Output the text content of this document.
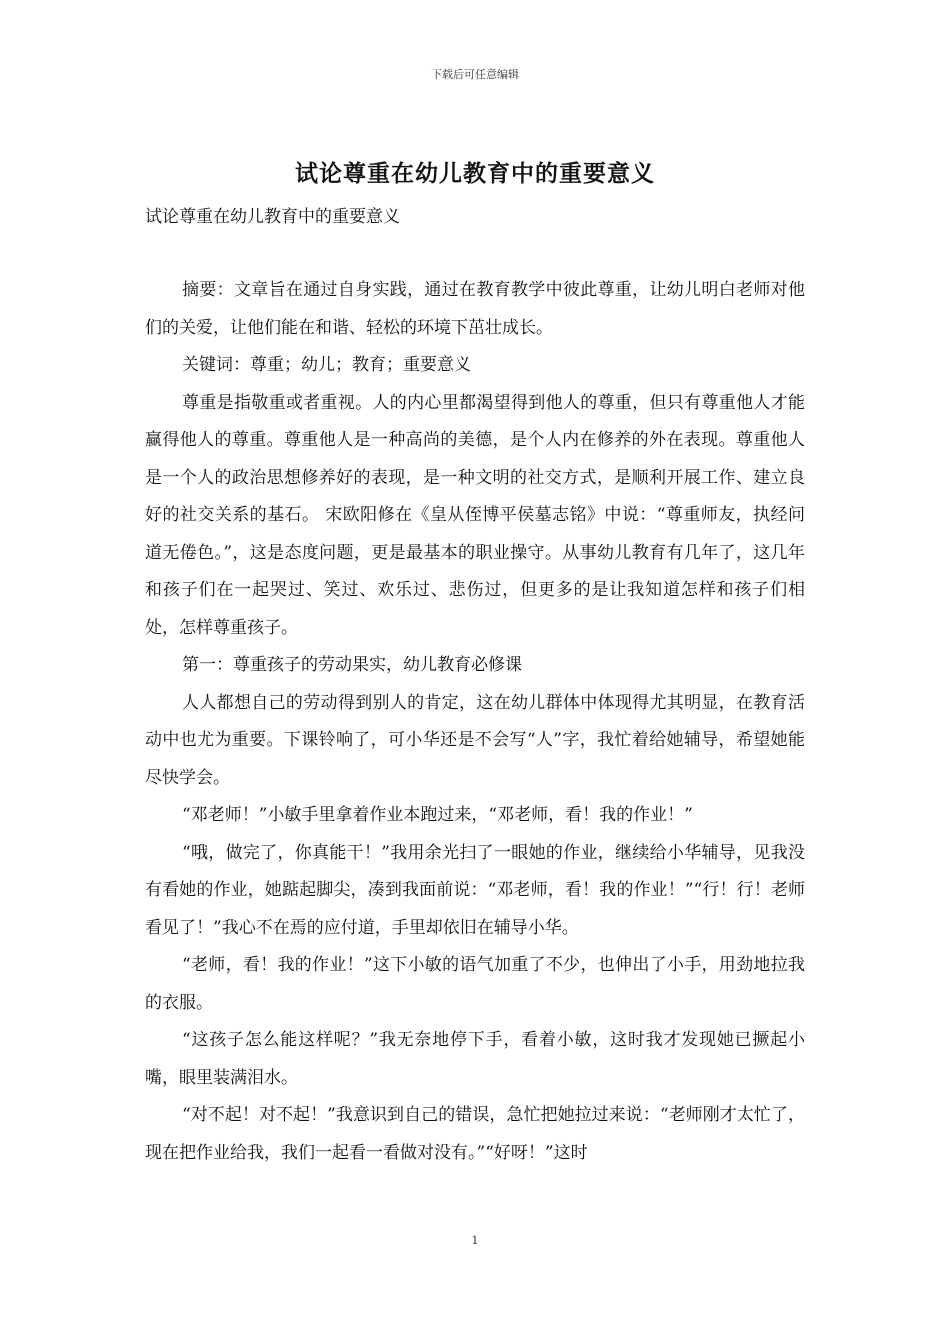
下载后可任意编辑
试论尊重在幼儿教育中的重要意义

试论尊重在幼儿教育中的重要意义

摘要：文章旨在通过自身实践，通过在教育教学中彼此尊重，让幼儿明白老师对他们的关爱，让他们能在和谐、轻松的环境下茁壮成长。

关键词：尊重；幼儿；教育；重要意义

尊重是指敬重或者重视。人的内心里都渴望得到他人的尊重，但只有尊重他人才能赢得他人的尊重。尊重他人是一种高尚的美德，是个人内在修养的外在表现。尊重他人是一个人的政治思想修养好的表现，是一种文明的社交方式，是顺利开展工作、建立良好的社交关系的基石。 宋欧阳修在《皇从侄博平侯墓志铭》中说：“尊重师友，执经问道无倦色。”，这是态度问题，更是最基本的职业操守。从事幼儿教育有几年了，这几年和孩子们在一起哭过、笑过、欢乐过、悲伤过，但更多的是让我知道怎样和孩子们相处，怎样尊重孩子。

第一：尊重孩子的劳动果实，幼儿教育必修课

人人都想自己的劳动得到别人的肯定，这在幼儿群体中体现得尤其明显，在教育活动中也尤为重要。下课铃响了，可小华还是不会写“人”字，我忙着给她辅导，希望她能尽快学会。

“邓老师！”小敏手里拿着作业本跑过来，“邓老师，看！我的作业！”

“哦，做完了，你真能干！”我用余光扫了一眼她的作业，继续给小华辅导，见我没有看她的作业，她踮起脚尖，凑到我面前说：“邓老师，看！我的作业！”“行！行！老师看见了！”我心不在焉的应付道，手里却依旧在辅导小华。

“老师，看！我的作业！”这下小敏的语气加重了不少，也伸出了小手，用劲地拉我的衣服。

“这孩子怎么能这样呢？”我无奈地停下手，看着小敏，这时我才发现她已撅起小嘴，眼里装满泪水。

“对不起！对不起！”我意识到自己的错误，急忙把她拉过来说：“老师刚才太忙了，现在把作业给我，我们一起看一看做对没有。”“好呀！”这时

1
